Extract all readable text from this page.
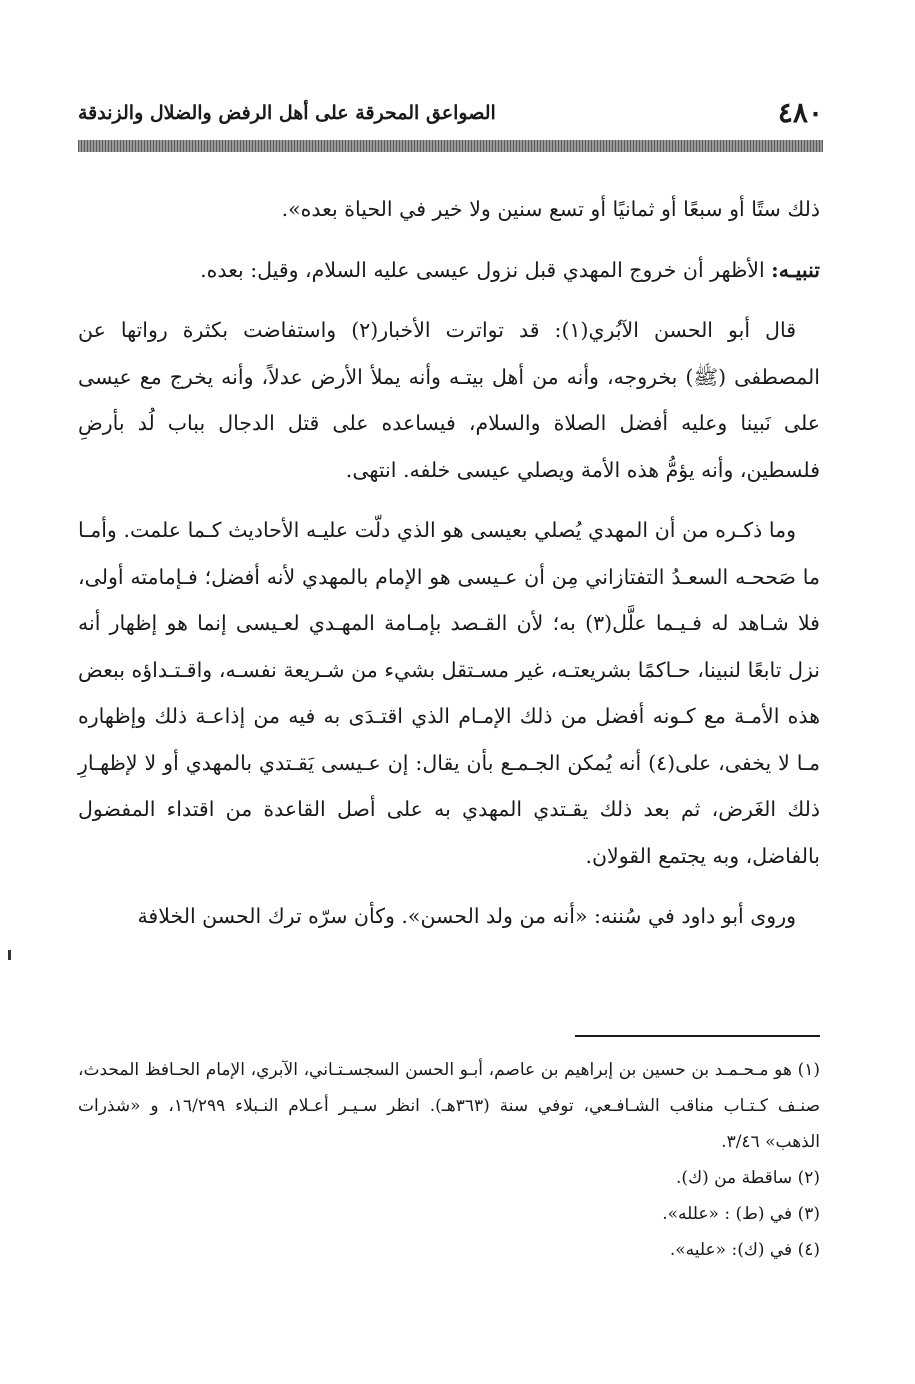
٤٨٠
الصواعق المحرقة على أهل الرفض والضلال والزندقة

ذلك ستًا أو سبعًا أو ثمانيًا أو تسع سنين ولا خير في الحياة بعده».

تنبيـه: الأظهر أن خروج المهدي قبل نزول عيسى عليه السلام، وقيل: بعده.

قال أبو الحسن الآبُري(١): قد تواترت الأخبار(٢) واستفاضت بكثرة رواتها عن المصطفى (ﷺ) بخروجه، وأنه من أهل بيتـه وأنه يملأ الأرض عدلاً، وأنه يخرج مع عيسى على نَبينا وعليه أفضل الصلاة والسلام، فيساعده على قتل الدجال بباب لُد بأرضِ فلسطين، وأنه يؤمُّ هذه الأمة ويصلي عيسى خلفه. انتهى.

وما ذكـره من أن المهدي يُصلي بعيسى هو الذي دلّت عليـه الأحاديث كـما علمت. وأمـا ما صَححـه السعـدُ التفتازاني مِن أن عـيسى هو الإمام بالمهدي لأنه أفضل؛ فـإمامته أولى، فلا شـاهد له فـيـما علَّل(٣) به؛ لأن القـصد بإمـامة المهـدي لعـيسى إنما هو إظهار أنه نزل تابعًا لنبينا، حـاكمًا بشريعتـه، غير مسـتقل بشيء من شـريعة نفسـه، واقـتـداؤه ببعض هذه الأمـة مع كـونه أفضل من ذلك الإمـام الذي اقتـدَى به فيه من إذاعـة ذلك وإظهاره مـا لا يخفى، على(٤) أنه يُمكن الجـمـع بأن يقال: إن عـيسى يَقـتدي بالمهدي أو لا لإظهـارِ ذلك الغَرض، ثم بعد ذلك يقـتدي المهدي به على أصل القاعدة من اقتداء المفضول بالفاضل، وبه يجتمع القولان.

وروى أبو داود في سُننه: «أنه من ولد الحسن». وكأن سرّه ترك الحسن الخلافة

(١) هو مـحـمـد بن حسين بن إبراهيم بن عاصم، أبـو الحسن السجسـتـاني، الآبري، الإمام الحـافظ المحدث، صنـف كـتـاب مناقب الشـافـعي، توفي سنة (٣٦٣هـ). انظر سـيـر أعـلام النـبلاء ١٦/٢٩٩، و «شذرات الذهب» ٣/٤٦.

(٢) ساقطة من (ك).

(٣) في (ط) : «علله».

(٤) في (ك): «عليه».
